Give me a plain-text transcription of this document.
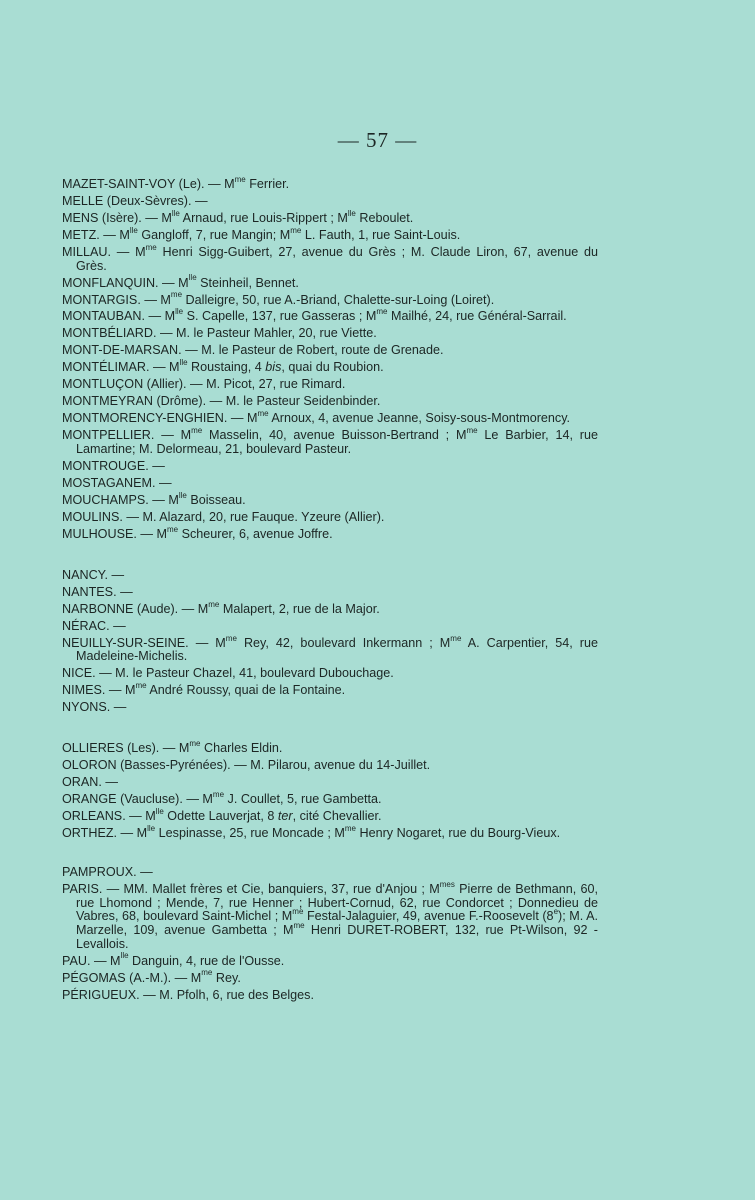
— 57 —
MAZET-SAINT-VOY (Le). — $M^{me}$ Ferrier.
MELLE (Deux-Sèvres). —
MENS (Isère). — $M^{lle}$ Arnaud, rue Louis-Rippert ; $M^{lle}$ Reboulet.
METZ. — $M^{lle}$ Gangloff, 7, rue Mangin; $M^{me}$ L. Fauth, 1, rue Saint-Louis.
MILLAU. — $M^{me}$ Henri Sigg-Guibert, 27, avenue du Grès ; M. Claude Liron, 67, avenue du Grès.
MONFLANQUIN. — $M^{lle}$ Steinheil, Bennet.
MONTARGIS. — $M^{me}$ Dalleigre, 50, rue A.-Briand, Chalette-sur-Loing (Loiret).
MONTAUBAN. — $M^{lle}$ S. Capelle, 137, rue Gasseras ; $M^{me}$ Mailhé, 24, rue Général-Sarrail.
MONTBÉLIARD. — M. le Pasteur Mahler, 20, rue Viette.
MONT-DE-MARSAN. — M. le Pasteur de Robert, route de Grenade.
MONTÉLIMAR. — $M^{lle}$ Roustaing, 4 bis, quai du Roubion.
MONTLUÇON (Allier). — M. Picot, 27, rue Rimard.
MONTMEYRAN (Drôme). — M. le Pasteur Seidenbinder.
MONTMORENCY-ENGHIEN. — $M^{me}$ Arnoux, 4, avenue Jeanne, Soisy-sous-Montmorency.
MONTPELLIER. — $M^{me}$ Masselin, 40, avenue Buisson-Bertrand ; $M^{me}$ Le Barbier, 14, rue Lamartine; M. Delormeau, 21, boulevard Pasteur.
MONTROUGE. —
MOSTAGANEM. —
MOUCHAMPS. — $M^{lle}$ Boisseau.
MOULINS. — M. Alazard, 20, rue Fauque. Yzeure (Allier).
MULHOUSE. — $M^{me}$ Scheurer, 6, avenue Joffre.
NANCY. —
NANTES. —
NARBONNE (Aude). — $M^{me}$ Malapert, 2, rue de la Major.
NÉRAC. —
NEUILLY-SUR-SEINE. — $M^{me}$ Rey, 42, boulevard Inkermann ; $M^{me}$ A. Carpentier, 54, rue Madeleine-Michelis.
NICE. — M. le Pasteur Chazel, 41, boulevard Dubouchage.
NIMES. — $M^{me}$ André Roussy, quai de la Fontaine.
NYONS. —
OLLIERES (Les). — $M^{me}$ Charles Eldin.
OLORON (Basses-Pyrénées). — M. Pilarou, avenue du 14-Juillet.
ORAN. —
ORANGE (Vaucluse). — $M^{me}$ J. Coullet, 5, rue Gambetta.
ORLEANS. — $M^{lle}$ Odette Lauverjat, 8 ter, cité Chevallier.
ORTHEZ. — $M^{lle}$ Lespinasse, 25, rue Moncade ; $M^{me}$ Henry Nogaret, rue du Bourg-Vieux.
PAMPROUX. —
PARIS. — MM. Mallet frères et Cie, banquiers, 37, rue d'Anjou ; $M^{mes}$ Pierre de Bethmann, 60, rue Lhomond ; Mende, 7, rue Henner ; Hubert-Cornud, 62, rue Condorcet ; Donnedieu de Vabres, 68, boulevard Saint-Michel ; $M^{me}$ Festal-Jalaguier, 49, avenue F.-Roosevelt (8e); M. A. Marzelle, 109, avenue Gambetta ; $M^{me}$ Henri DURET-ROBERT, 132, rue Pt-Wilson, 92 - Levallois.
PAU. — $M^{lle}$ Danguin, 4, rue de l'Ousse.
PÉGOMAS (A.-M.). — $M^{me}$ Rey.
PÉRIGUEUX. — M. Pfolh, 6, rue des Belges.
